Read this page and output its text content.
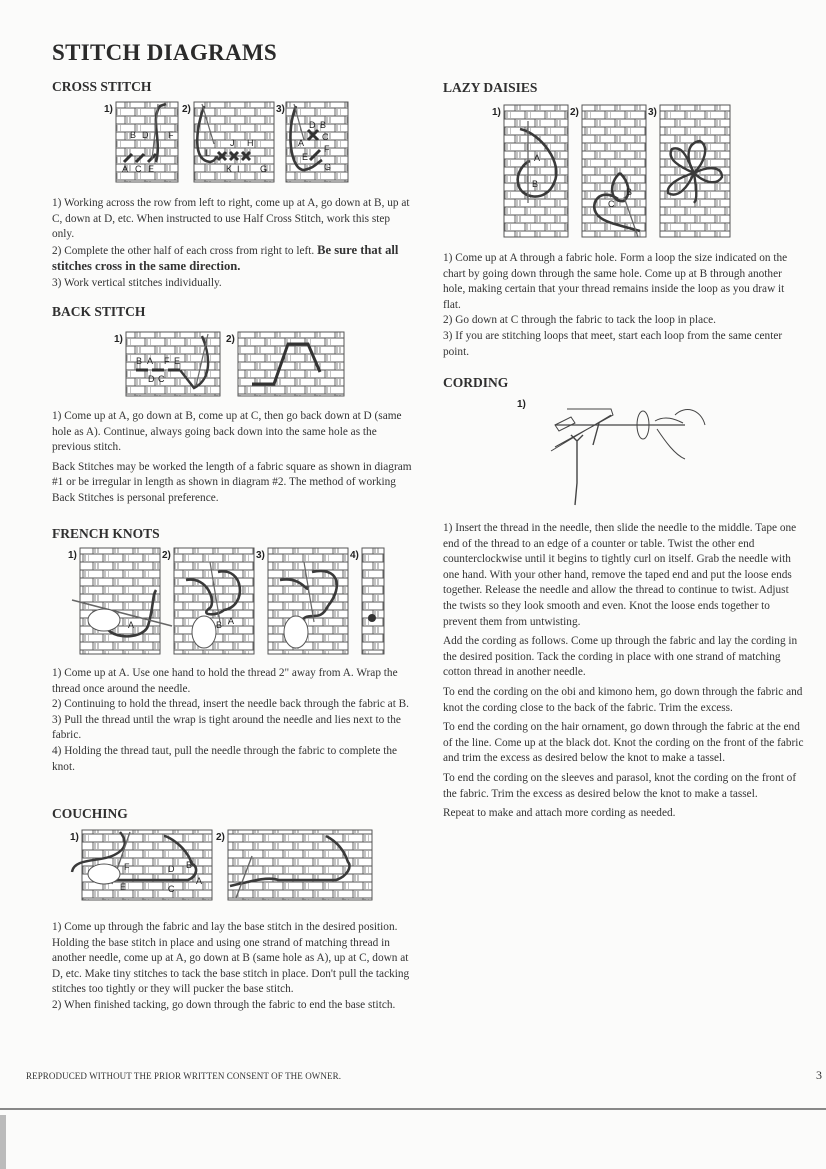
STITCH DIAGRAMS
CROSS STITCH
1)
B D F
A C E
2)
J H
L
K I G
3)
D B
A
C
F
E
G

1) Working across the row from left to right, come up at A, go down at B, up at C, down at D, etc. When instructed to use Half Cross Stitch, work this step only.

2) Complete the other half of each cross from right to left. Be sure that all stitches cross in the same direction.

3) Work vertical stitches individually.

BACK STITCH
1)
B A F E
D C
2)

1) Come up at A, go down at B, come up at C, then go back down at D (same hole as A). Continue, always going back down into the same hole as the previous stitch.

Back Stitches may be worked the length of a fabric square as shown in diagram #1 or be irregular in length as shown in diagram #2. The method of working Back Stitches is personal preference.

FRENCH KNOTS
1)
A
2)
B A
3)	4)

1) Come up at A. Use one hand to hold the thread 2" away from A. Wrap the thread once around the needle.

2) Continuing to hold the thread, insert the needle back through the fabric at B.

3) Pull the thread until the wrap is tight around the needle and lies next to the fabric.

4) Holding the thread taut, pull the needle through the fabric to complete the knot.

COUCHING
1)
F
E
D
C
B
A
2)

1) Come up through the fabric and lay the base stitch in the desired position. Holding the base stitch in place and using one strand of matching thread in another needle, come up at A, go down at B (same hole as A), up at C, down at D, etc. Make tiny stitches to tack the base stitch in place. Don't pull the tacking stitches too tightly or they will pucker the base stitch.

2) When finished tacking, go down through the fabric to end the base stitch.

LAZY DAISIES
1)
A
B
2)
B
C
3)

1) Come up at A through a fabric hole. Form a loop the size indicated on the chart by going down through the same hole. Come up at B through another hole, making certain that your thread remains inside the loop as you draw it flat.

2) Go down at C through the fabric to tack the loop in place.

3) If you are stitching loops that meet, start each loop from the same center point.

CORDING
1)

1) Insert the thread in the needle, then slide the needle to the middle. Tape one end of the thread to an edge of a counter or table. Twist the other end counterclockwise until it begins to tightly curl on itself. Grab the needle with one hand. With your other hand, remove the taped end and put the loose ends together. Release the needle and allow the thread to continue to twist. Adjust the twists so they look smooth and even. Knot the loose ends together to prevent them from untwisting.

Add the cording as follows. Come up through the fabric and lay the cording in the desired position. Tack the cording in place with one strand of matching cotton thread in another needle.

To end the cording on the obi and kimono hem, go down through the fabric and knot the cording close to the back of the fabric. Trim the excess.

To end the cording on the hair ornament, go down through the fabric at the end of the line. Come up at the black dot. Knot the cording on the front of the fabric and trim the excess as desired below the knot to make a tassel.

To end the cording on the sleeves and parasol, knot the cording on the front of the fabric. Trim the excess as desired below the knot to make a tassel.

Repeat to make and attach more cording as needed.

REPRODUCED WITHOUT THE PRIOR WRITTEN CONSENT OF THE OWNER.	3
